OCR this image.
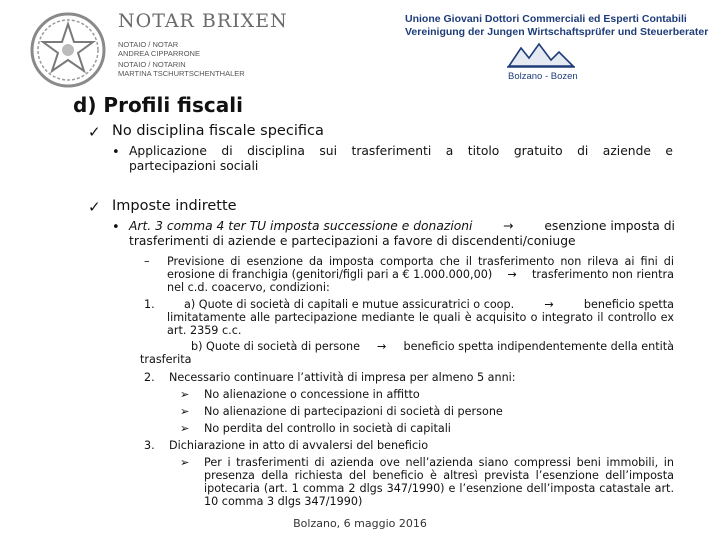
NOTAR BRIXEN
NOTAIO / NOTAR
ANDREA CIPPARRONE
NOTAIO / NOTARIN
MARTINA TSCHURTSCHENTHALER
Unione Giovani Dottori Commerciali ed Esperti Contabili
Vereinigung der Jungen Wirtschaftsprüfer und Steuerberater
Bolzano - Bozen
d) Profili fiscali
✓ No disciplina fiscale specifica
• Applicazione di disciplina sui trasferimenti a titolo gratuito di aziende e
partecipazioni sociali
✓ Imposte indirette
• Art. 3 comma 4 ter TU imposta successione e donazioni	→	esenzione imposta di
trasferimenti di aziende e partecipazioni a favore di discendenti/coniuge
– Previsione di esenzione da imposta comporta che il trasferimento non rileva ai fini di
erosione di franchigia (genitori/figli pari a € 1.000.000,00) → trasferimento non rientra
nel c.d. coacervo, condizioni:
1.	a) Quote di società di capitali e mutue assicuratrici o coop.	→	beneficio spetta
limitatamente alle partecipazione mediante le quali è acquisito o integrato il controllo ex
art. 2359 c.c.
b) Quote di società di persone → beneficio spetta indipendentemente della entità
trasferita
2. Necessario continuare l’attività di impresa per almeno 5 anni:
➢ No alienazione o concessione in affitto
➢ No alienazione di partecipazioni di società di persone
➢ No perdita del controllo in società di capitali
3. Dichiarazione in atto di avvalersi del beneficio
➢ Per i trasferimenti di azienda ove nell’azienda siano compressi beni immobili, in
presenza della richiesta del beneficio è altresì prevista l’esenzione dell’imposta
ipotecaria (art. 1 comma 2 dlgs 347/1990) e l’esenzione dell’imposta catastale art.
10 comma 3 dlgs 347/1990)
Bolzano, 6 maggio 2016
